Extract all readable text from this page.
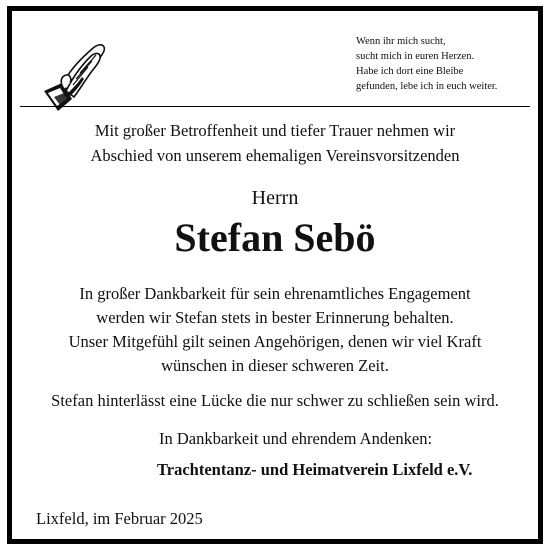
Wenn ihr mich sucht,
sucht mich in euren Herzen.
Habe ich dort eine Bleibe
gefunden, lebe ich in euch weiter.
Mit großer Betroffenheit und tiefer Trauer nehmen wir
Abschied von unserem ehemaligen Vereinsvorsitzenden
Herrn
Stefan Sebö
In großer Dankbarkeit für sein ehrenamtliches Engagement
werden wir Stefan stets in bester Erinnerung behalten.
Unser Mitgefühl gilt seinen Angehörigen, denen wir viel Kraft
wünschen in dieser schweren Zeit.
Stefan hinterlässt eine Lücke die nur schwer zu schließen sein wird.
In Dankbarkeit und ehrendem Andenken:
Trachtentanz- und Heimatverein Lixfeld e.V.
Lixfeld, im Februar 2025
